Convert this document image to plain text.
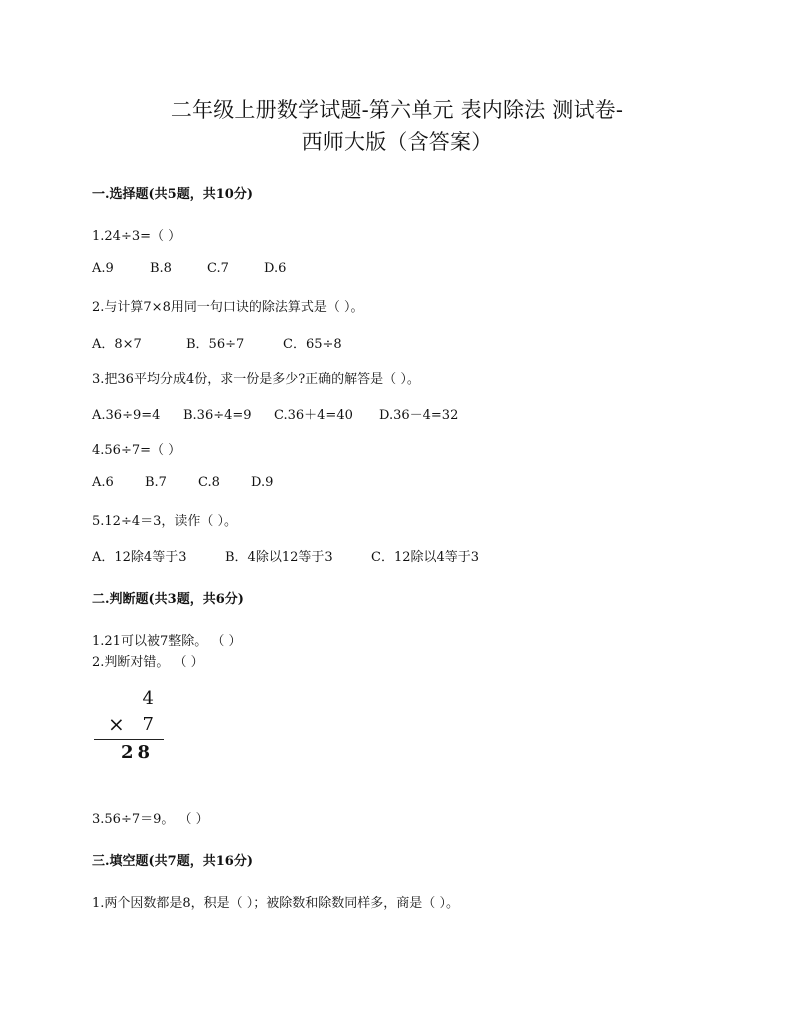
二年级上册数学试题-第六单元 表内除法 测试卷-
西师大版（含答案）
一.选择题(共5题，共10分)
1.24÷3=（ ）
A.9	B.8	C.7	D.6
2.与计算7×8用同一句口诀的除法算式是（ ）。
A．8×7	B．56÷7	C．65÷8
3.把36平均分成4份，求一份是多少?正确的解答是（ ）。
A.36÷9=4 B.36÷4=9 C.36＋4=40 D.36－4=32
4.56÷7=（ ）
A.6 B.7 C.8 D.9
5.12÷4＝3，读作（ ）。
A．12除4等于3	B．4除以12等于3	C．12除以4等于3
二.判断题(共3题，共6分)
1.21可以被7整除。 （ ）
2.判断对错。 （ ）
4
× 7
28
3.56÷7＝9。 （ ）
三.填空题(共7题，共16分)
1.两个因数都是8，积是（ ）；被除数和除数同样多，商是（ ）。
